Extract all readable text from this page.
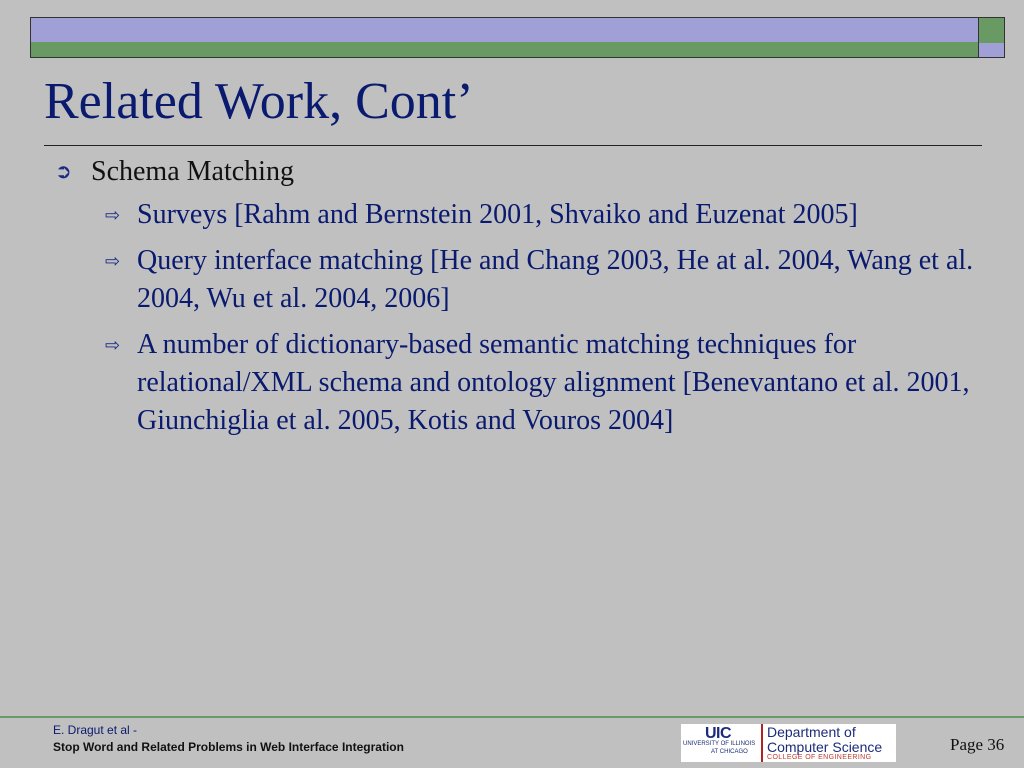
Related Work, Cont’
➲ Schema Matching
⇨ Surveys [Rahm and Bernstein 2001, Shvaiko and Euzenat 2005]
⇨ Query interface matching [He and Chang 2003, He at al. 2004, Wang et al. 2004, Wu et al. 2004, 2006]
⇨ A number of dictionary-based semantic matching techniques for relational/XML schema and ontology alignment [Benevantano et al. 2001, Giunchiglia et al. 2005, Kotis and Vouros 2004]
E. Dragut et al -
Stop Word and Related Problems in Web Interface Integration
UIC
UNIVERSITY OF ILLINOIS
AT CHICAGO
Department of
Computer Science
COLLEGE OF ENGINEERING
Page 36
